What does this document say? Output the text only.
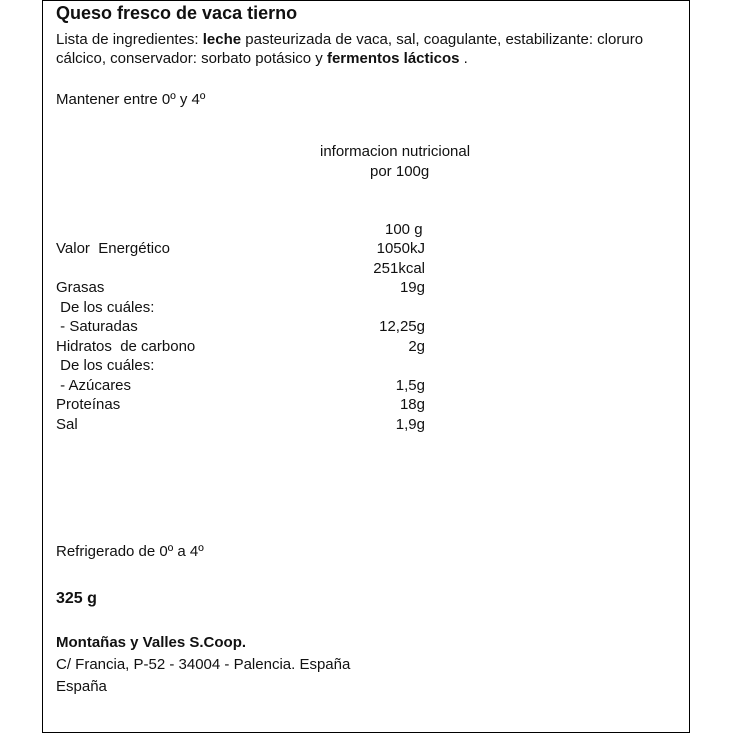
Queso fresco de vaca tierno
Lista de ingredientes: leche pasteurizada de vaca, sal, coagulante, estabilizante: cloruro cálcico, conservador: sorbato potásico y fermentos lácticos .
Mantener entre 0º y 4º
informacion nutricional
por 100g
100 g
Valor  Energético	1050kJ
251kcal
Grasas	19g
De los cuáles:
- Saturadas	12,25g
Hidratos  de carbono	2g
De los cuáles:
- Azúcares	1,5g
Proteínas	18g
Sal	1,9g
Refrigerado de 0º a 4º
325 g
Montañas y Valles S.Coop.
C/ Francia, P-52 - 34004 - Palencia. España
España
